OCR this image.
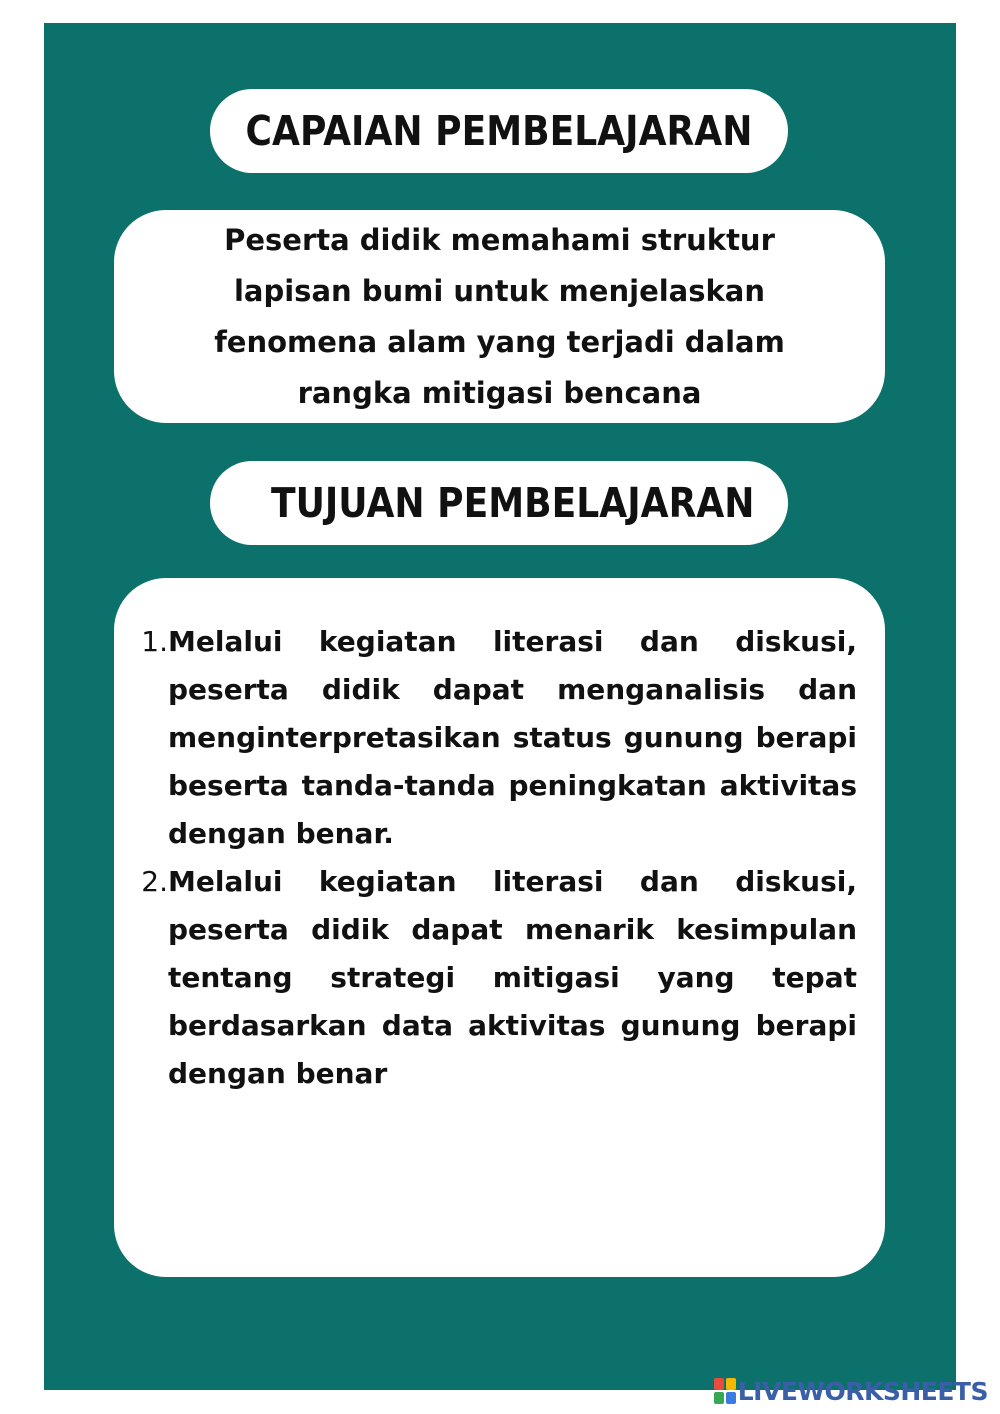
CAPAIAN PEMBELAJARAN

Peserta didik memahami struktur
lapisan bumi untuk menjelaskan
fenomena alam yang terjadi dalam
rangka mitigasi bencana

TUJUAN PEMBELAJARAN
1. Melalui kegiatan literasi dan diskusi, peserta didik dapat menganalisis dan menginterpretasikan status gunung berapi beserta tanda-tanda peningkatan aktivitas dengan benar.

2. Melalui kegiatan literasi dan diskusi, peserta didik dapat menarik kesimpulan tentang strategi mitigasi yang tepat berdasarkan data aktivitas gunung berapi dengan benar

LIVEWORKSHEETS
